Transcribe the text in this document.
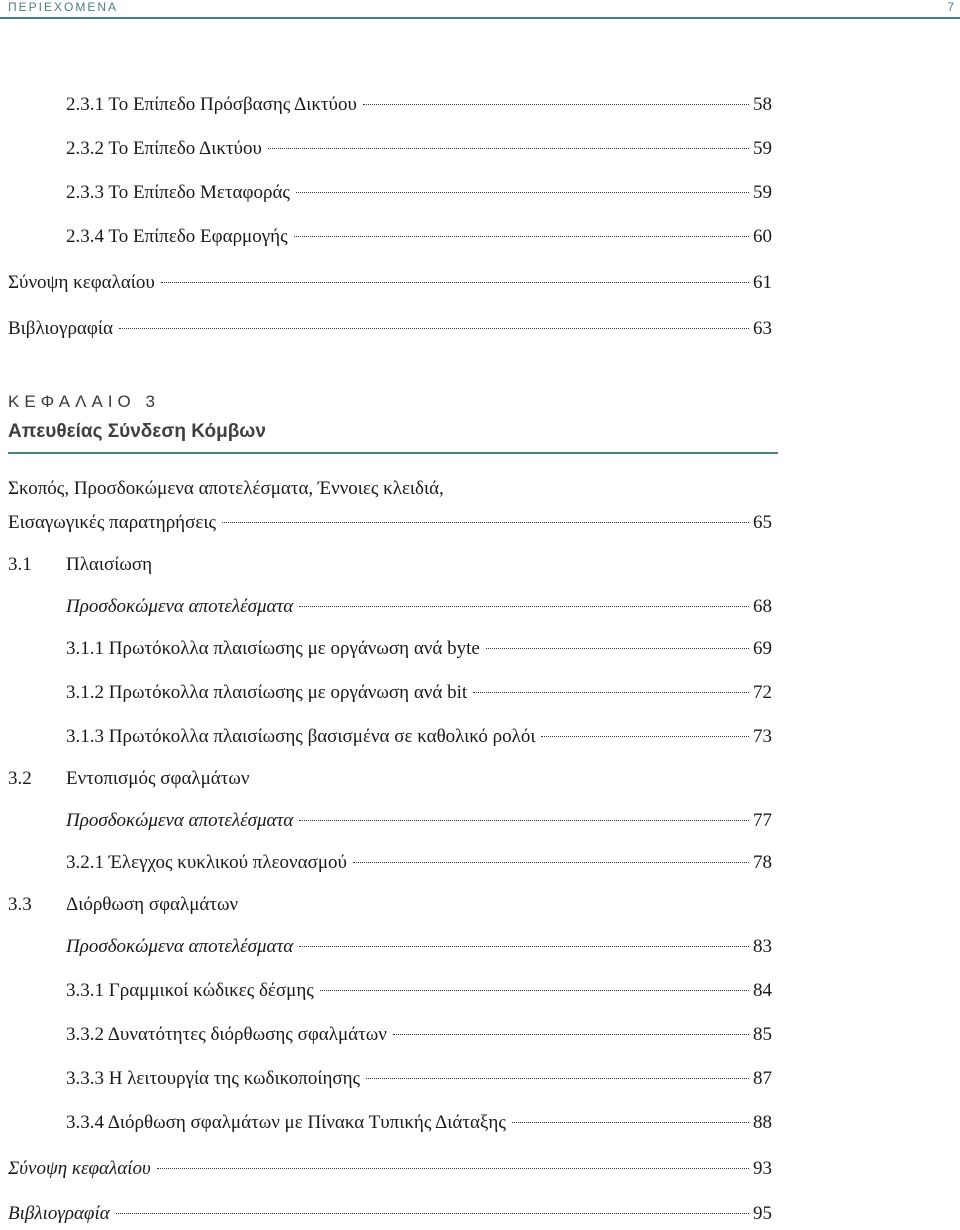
ΠΕΡΙΕΧΟΜΕΝΑ	7
2.3.1 Το Επίπεδο Πρόσβασης Δικτύου	58
2.3.2 Το Επίπεδο Δικτύου	59
2.3.3 Το Επίπεδο Μεταφοράς	59
2.3.4 Το Επίπεδο Εφαρμογής	60
Σύνοψη κεφαλαίου	61
Βιβλιογραφία	63
ΚΕΦΑΛΑΙΟ 3
Απευθείας Σύνδεση Κόμβων
Σκοπός, Προσδοκώμενα αποτελέσματα, Έννοιες κλειδιά,
Εισαγωγικές παρατηρήσεις	65
3.1 Πλαισίωση
Προσδοκώμενα αποτελέσματα	68
3.1.1 Πρωτόκολλα πλαισίωσης με οργάνωση ανά byte	69
3.1.2 Πρωτόκολλα πλαισίωσης με οργάνωση ανά bit	72
3.1.3 Πρωτόκολλα πλαισίωσης βασισμένα σε καθολικό ρολόι	73
3.2 Εντοπισμός σφαλμάτων
Προσδοκώμενα αποτελέσματα	77
3.2.1 Έλεγχος κυκλικού πλεονασμού	78
3.3 Διόρθωση σφαλμάτων
Προσδοκώμενα αποτελέσματα	83
3.3.1 Γραμμικοί κώδικες δέσμης	84
3.3.2 Δυνατότητες διόρθωσης σφαλμάτων	85
3.3.3 Η λειτουργία της κωδικοποίησης	87
3.3.4 Διόρθωση σφαλμάτων με Πίνακα Τυπικής Διάταξης	88
Σύνοψη κεφαλαίου	93
Βιβλιογραφία	95
